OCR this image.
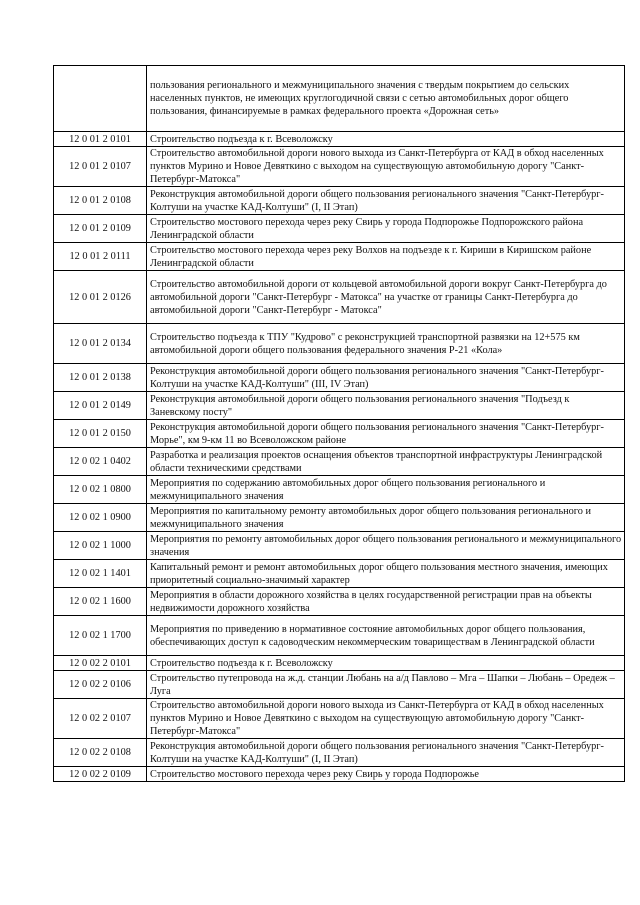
	пользования регионального и межмуниципального значения с твердым покрытием до сельских населенных пунктов, не имеющих круглогодичной связи с сетью автомобильных дорог общего пользования, финансируемые в рамках федерального проекта «Дорожная сеть»
12 0 01 2 0101	Строительство подъезда к г. Всеволожску
12 0 01 2 0107	Строительство автомобильной дороги нового выхода из Санкт-Петербурга от КАД в обход населенных пунктов Мурино и Новое Девяткино с выходом на существующую автомобильную дорогу "Санкт-Петербург-Матокса"
12 0 01 2 0108	Реконструкция автомобильной дороги общего пользования регионального значения "Санкт-Петербург-Колтуши на участке КАД-Колтуши" (I, II Этап)
12 0 01 2 0109	Строительство мостового перехода через реку Свирь у города Подпорожье Подпорожского района Ленинградской области
12 0 01 2 0111	Строительство мостового перехода через реку Волхов на подъезде к г. Кириши в Киришском районе Ленинградской области
12 0 01 2 0126	Строительство автомобильной дороги от кольцевой автомобильной дороги вокруг Санкт-Петербурга до автомобильной дороги "Санкт-Петербург - Матокса" на участке от границы Санкт-Петербурга до автомобильной дороги "Санкт-Петербург - Матокса"
12 0 01 2 0134	Строительство подъезда к ТПУ "Кудрово" с реконструкцией транспортной развязки на 12+575 км автомобильной дороги общего пользования федерального значения Р-21 «Кола»
12 0 01 2 0138	Реконструкция автомобильной дороги общего пользования регионального значения "Санкт-Петербург-Колтуши на участке КАД-Колтуши" (III, IV Этап)
12 0 01 2 0149	Реконструкция автомобильной дороги общего пользования регионального значения "Подъезд к Заневскому посту"
12 0 01 2 0150	Реконструкция автомобильной дороги общего пользования регионального значения "Санкт-Петербург-Морье", км 9-км 11 во Всеволожском районе
12 0 02 1 0402	Разработка и реализация проектов оснащения объектов транспортной инфраструктуры Ленинградской области техническими средствами
12 0 02 1 0800	Мероприятия по содержанию автомобильных дорог общего пользования регионального и межмуниципального значения
12 0 02 1 0900	Мероприятия по капитальному ремонту автомобильных дорог общего пользования регионального и межмуниципального значения
12 0 02 1 1000	Мероприятия по ремонту автомобильных дорог общего пользования регионального и межмуниципального значения
12 0 02 1 1401	Капитальный ремонт и ремонт автомобильных дорог общего пользования местного значения, имеющих приоритетный социально-значимый характер
12 0 02 1 1600	Мероприятия в области дорожного хозяйства в целях государственной регистрации прав на объекты недвижимости дорожного хозяйства
12 0 02 1 1700	Мероприятия по приведению в нормативное состояние автомобильных дорог общего пользования, обеспечивающих доступ к садоводческим некоммерческим товариществам в Ленинградской области
12 0 02 2 0101	Строительство подъезда к г. Всеволожску
12 0 02 2 0106	Строительство путепровода на ж.д. станции Любань на а/д Павлово – Мга – Шапки – Любань – Оредеж – Луга
12 0 02 2 0107	Строительство автомобильной дороги нового выхода из Санкт-Петербурга от КАД в обход населенных пунктов Мурино и Новое Девяткино с выходом на существующую автомобильную дорогу "Санкт-Петербург-Матокса"
12 0 02 2 0108	Реконструкция автомобильной дороги общего пользования регионального значения "Санкт-Петербург-Колтуши на участке КАД-Колтуши" (I, II Этап)
12 0 02 2 0109	Строительство мостового перехода через реку Свирь у города Подпорожье
